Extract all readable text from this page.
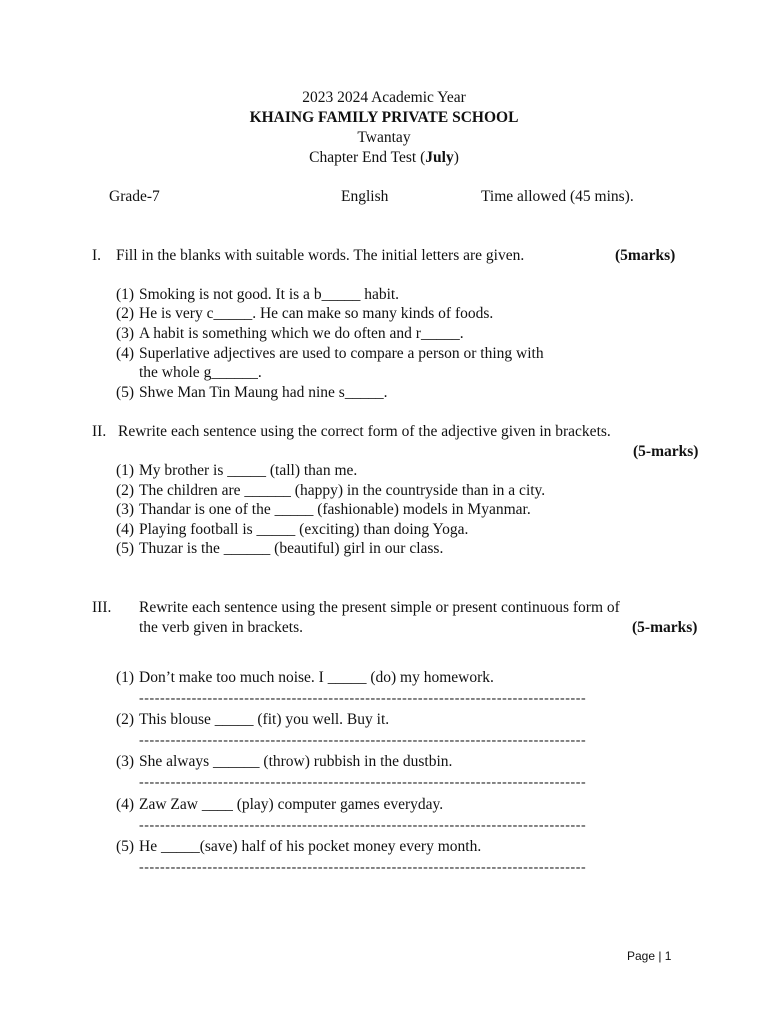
2023 2024 Academic Year
KHAING FAMILY PRIVATE SCHOOL
Twantay
Chapter End Test (July)
Grade-7	English	Time allowed (45 mins).
I. Fill in the blanks with suitable words. The initial letters are given.	(5marks)
(1) Smoking is not good. It is a b_____ habit.
(2) He is very c_____. He can make so many kinds of foods.
(3) A habit is something which we do often and r_____.
(4) Superlative adjectives are used to compare a person or thing with
the whole g______.
(5) Shwe Man Tin Maung had nine s_____.
II. Rewrite each sentence using the correct form of the adjective given in brackets.
(5-marks)
(1) My brother is _____ (tall) than me.
(2) The children are ______ (happy) in the countryside than in a city.
(3) Thandar is one of the _____ (fashionable) models in Myanmar.
(4) Playing football is _____ (exciting) than doing Yoga.
(5) Thuzar is the ______ (beautiful) girl in our class.
III. Rewrite each sentence using the present simple or present continuous form of
the verb given in brackets.	(5-marks)
(1) Don’t make too much noise. I _____ (do) my homework.
-------------------------------------------------------------------------------------
(2) This blouse _____ (fit) you well. Buy it.
-------------------------------------------------------------------------------------
(3) She always ______ (throw) rubbish in the dustbin.
-------------------------------------------------------------------------------------
(4) Zaw Zaw ____ (play) computer games everyday.
-------------------------------------------------------------------------------------
(5) He _____(save) half of his pocket money every month.
-------------------------------------------------------------------------------------
Page | 1
